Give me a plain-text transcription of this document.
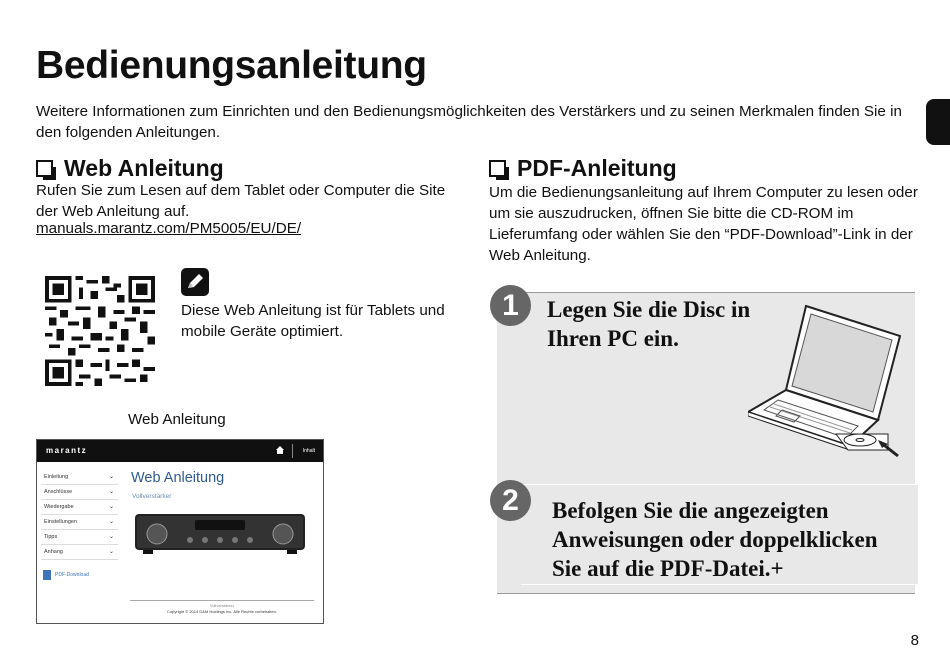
Bedienungsanleitung
Weitere Informationen zum Einrichten und den Bedienungsmöglichkeiten des Verstärkers und zu seinen Merkmalen finden Sie in den folgenden Anleitungen.
Web Anleitung
Rufen Sie zum Lesen auf dem Tablet oder Computer die Site der Web Anleitung auf.
manuals.marantz.com/PM5005/EU/DE/
Diese Web Anleitung ist für Tablets und mobile Geräte optimiert.
Web Anleitung
marantz	Inhalt
Einleitung	⌄
Anschlüsse	⌄
Wiedergabe	⌄
Einstellungen	⌄
Tipps	⌄
Anhang	⌄
PDF-Download
Web Anleitung
Vollverstärker
Vollverstärker
Copyright © 2014 D&M Holdings Inc. Alle Rechte vorbehalten.
PDF-Anleitung
Um die Bedienungsanleitung auf Ihrem Computer zu lesen oder um sie auszudrucken, öffnen Sie bitte die CD-ROM im Lieferumfang oder wählen Sie den “PDF-Download”-Link in der Web Anleitung.
1	Legen Sie die Disc in Ihren PC ein.
2	Befolgen Sie die angezeigten Anweisungen oder doppelklicken Sie auf die PDF-Datei.+
8
